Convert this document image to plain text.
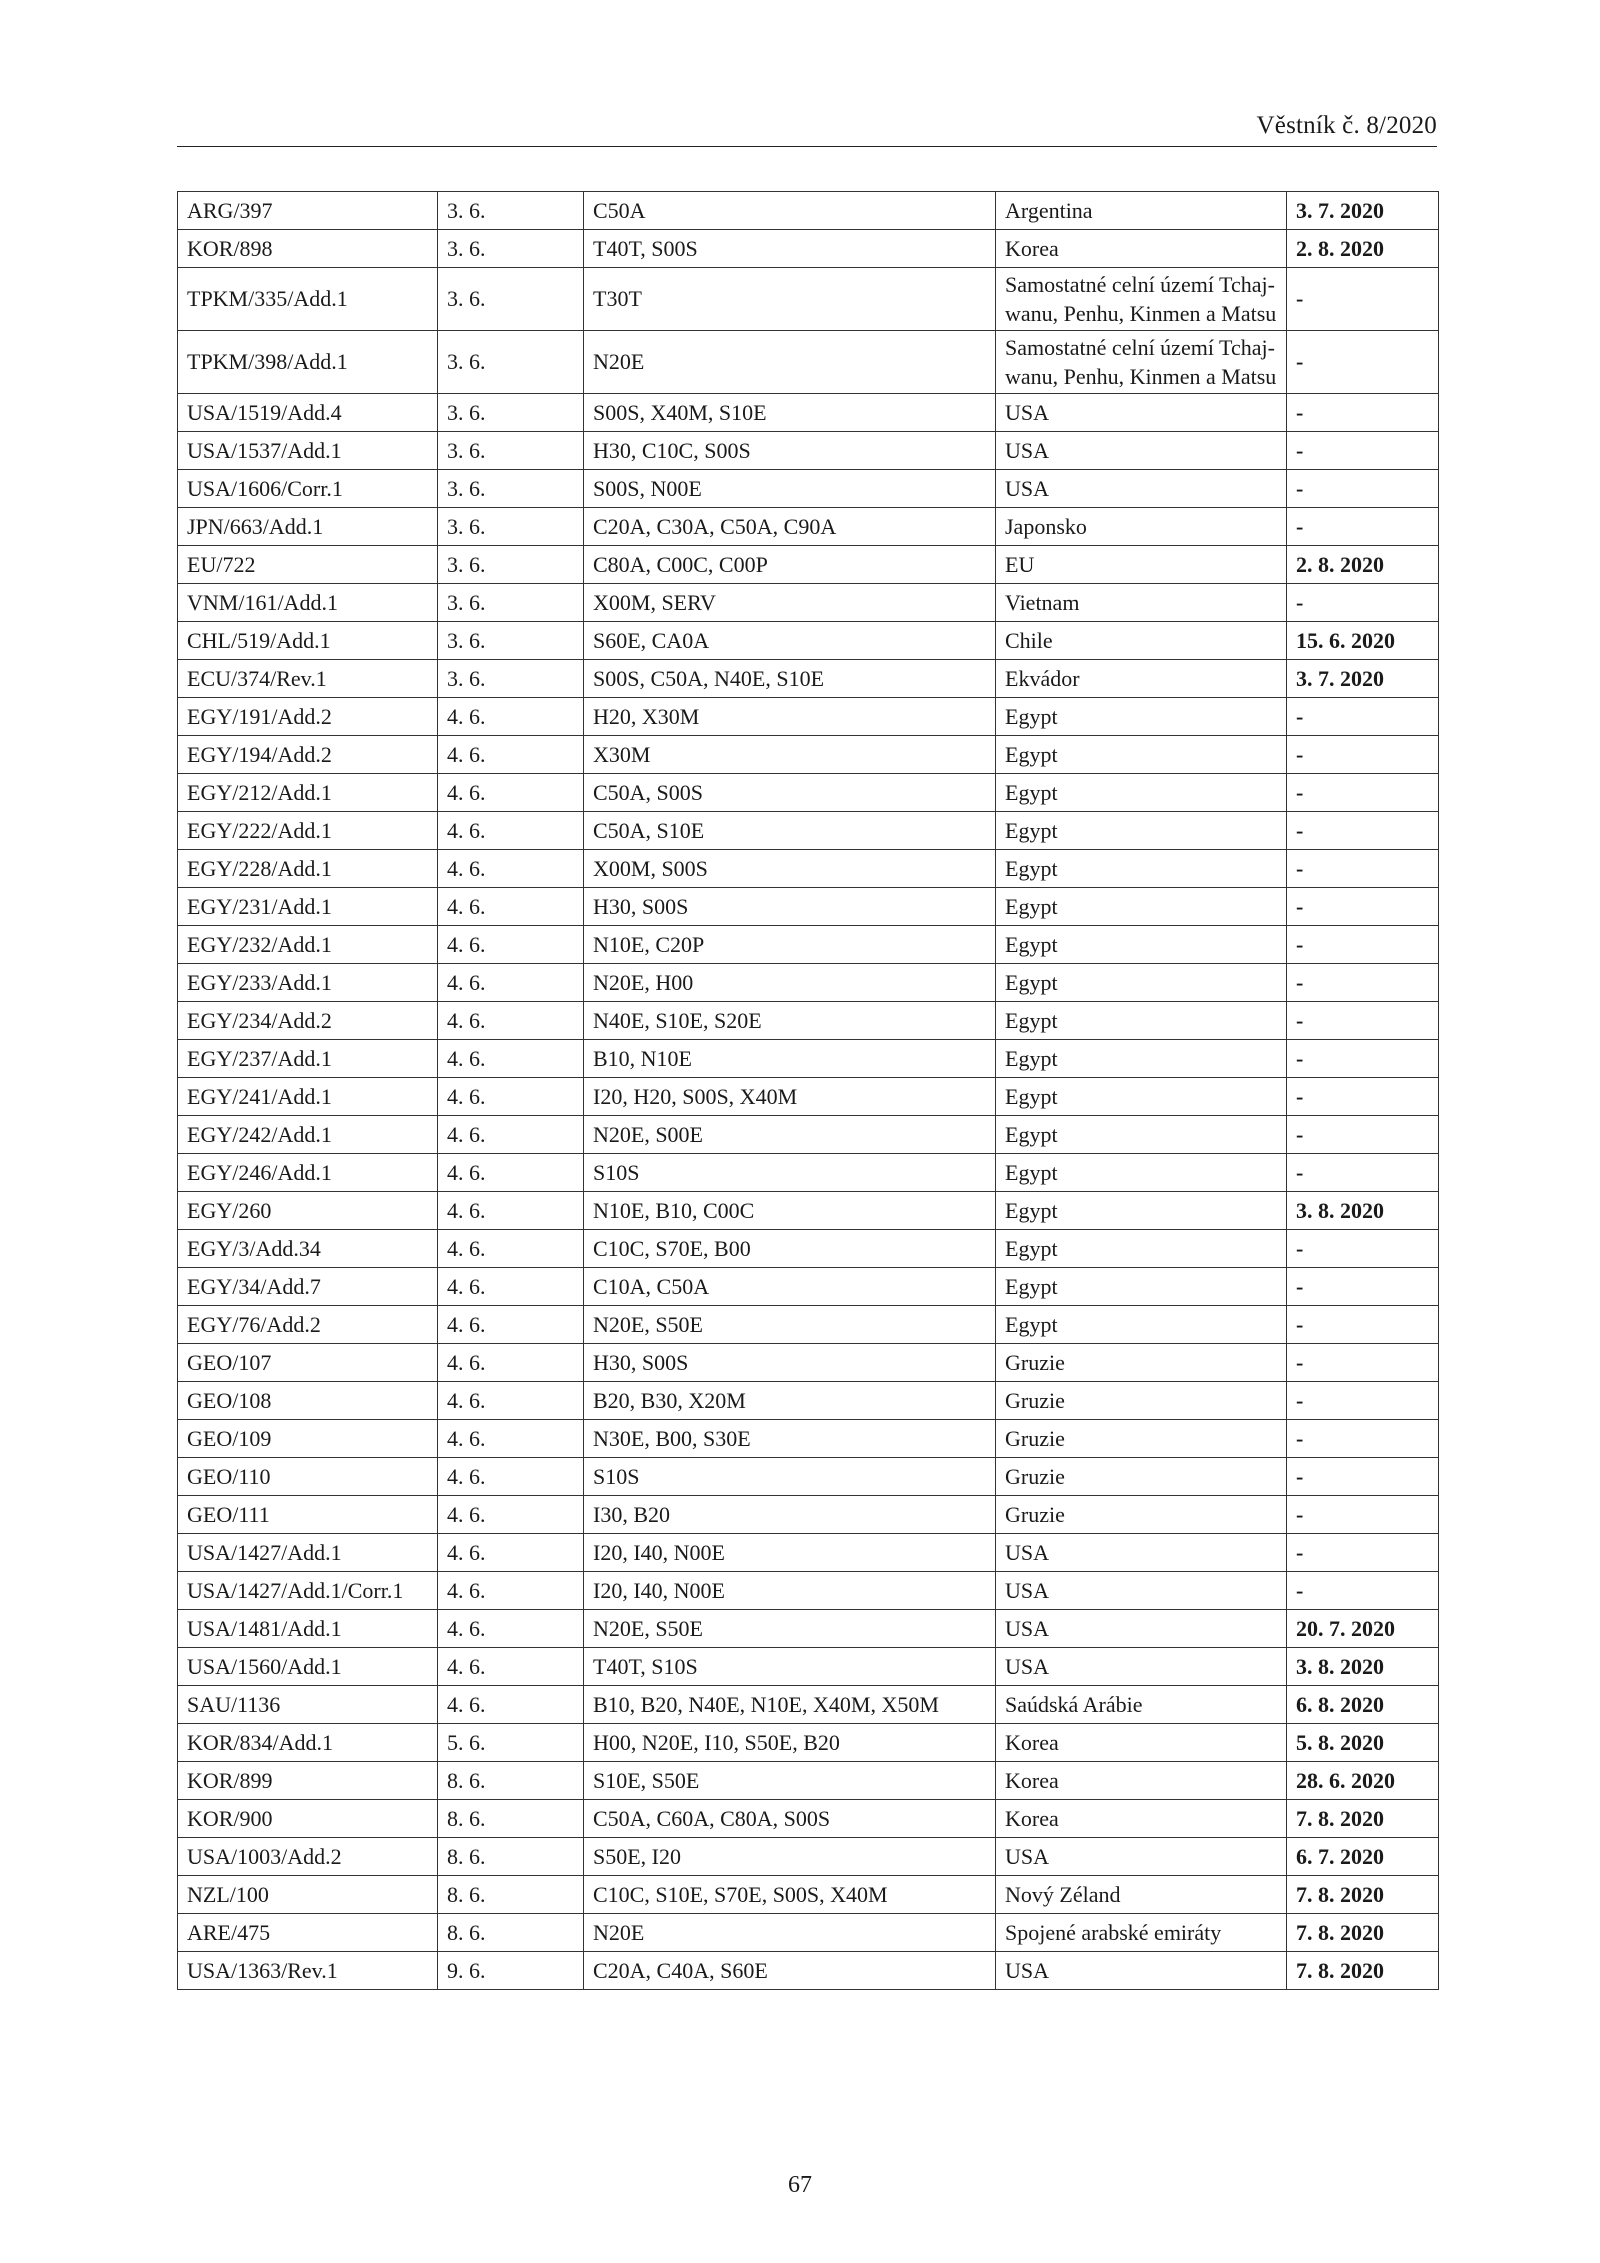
Věstník č. 8/2020
ARG/397	3. 6.	C50A	Argentina	3. 7. 2020
KOR/898	3. 6.	T40T, S00S	Korea	2. 8. 2020
TPKM/335/Add.1	3. 6.	T30T	Samostatné celní území Tchaj-wanu, Penhu, Kinmen a Matsu	-
TPKM/398/Add.1	3. 6.	N20E	Samostatné celní území Tchaj-wanu, Penhu, Kinmen a Matsu	-
USA/1519/Add.4	3. 6.	S00S, X40M, S10E	USA	-
USA/1537/Add.1	3. 6.	H30, C10C, S00S	USA	-
USA/1606/Corr.1	3. 6.	S00S, N00E	USA	-
JPN/663/Add.1	3. 6.	C20A, C30A, C50A, C90A	Japonsko	-
EU/722	3. 6.	C80A, C00C, C00P	EU	2. 8. 2020
VNM/161/Add.1	3. 6.	X00M, SERV	Vietnam	-
CHL/519/Add.1	3. 6.	S60E, CA0A	Chile	15. 6. 2020
ECU/374/Rev.1	3. 6.	S00S, C50A, N40E, S10E	Ekvádor	3. 7. 2020
EGY/191/Add.2	4. 6.	H20, X30M	Egypt	-
EGY/194/Add.2	4. 6.	X30M	Egypt	-
EGY/212/Add.1	4. 6.	C50A, S00S	Egypt	-
EGY/222/Add.1	4. 6.	C50A, S10E	Egypt	-
EGY/228/Add.1	4. 6.	X00M, S00S	Egypt	-
EGY/231/Add.1	4. 6.	H30, S00S	Egypt	-
EGY/232/Add.1	4. 6.	N10E, C20P	Egypt	-
EGY/233/Add.1	4. 6.	N20E, H00	Egypt	-
EGY/234/Add.2	4. 6.	N40E, S10E, S20E	Egypt	-
EGY/237/Add.1	4. 6.	B10, N10E	Egypt	-
EGY/241/Add.1	4. 6.	I20, H20, S00S, X40M	Egypt	-
EGY/242/Add.1	4. 6.	N20E, S00E	Egypt	-
EGY/246/Add.1	4. 6.	S10S	Egypt	-
EGY/260	4. 6.	N10E, B10, C00C	Egypt	3. 8. 2020
EGY/3/Add.34	4. 6.	C10C, S70E, B00	Egypt	-
EGY/34/Add.7	4. 6.	C10A, C50A	Egypt	-
EGY/76/Add.2	4. 6.	N20E, S50E	Egypt	-
GEO/107	4. 6.	H30, S00S	Gruzie	-
GEO/108	4. 6.	B20, B30, X20M	Gruzie	-
GEO/109	4. 6.	N30E, B00, S30E	Gruzie	-
GEO/110	4. 6.	S10S	Gruzie	-
GEO/111	4. 6.	I30, B20	Gruzie	-
USA/1427/Add.1	4. 6.	I20, I40, N00E	USA	-
USA/1427/Add.1/Corr.1	4. 6.	I20, I40, N00E	USA	-
USA/1481/Add.1	4. 6.	N20E, S50E	USA	20. 7. 2020
USA/1560/Add.1	4. 6.	T40T, S10S	USA	3. 8. 2020
SAU/1136	4. 6.	B10, B20, N40E, N10E, X40M, X50M	Saúdská Arábie	6. 8. 2020
KOR/834/Add.1	5. 6.	H00, N20E, I10, S50E, B20	Korea	5. 8. 2020
KOR/899	8. 6.	S10E, S50E	Korea	28. 6. 2020
KOR/900	8. 6.	C50A, C60A, C80A, S00S	Korea	7. 8. 2020
USA/1003/Add.2	8. 6.	S50E, I20	USA	6. 7. 2020
NZL/100	8. 6.	C10C, S10E, S70E, S00S, X40M	Nový Zéland	7. 8. 2020
ARE/475	8. 6.	N20E	Spojené arabské emiráty	7. 8. 2020
USA/1363/Rev.1	9. 6.	C20A, C40A, S60E	USA	7. 8. 2020
67
